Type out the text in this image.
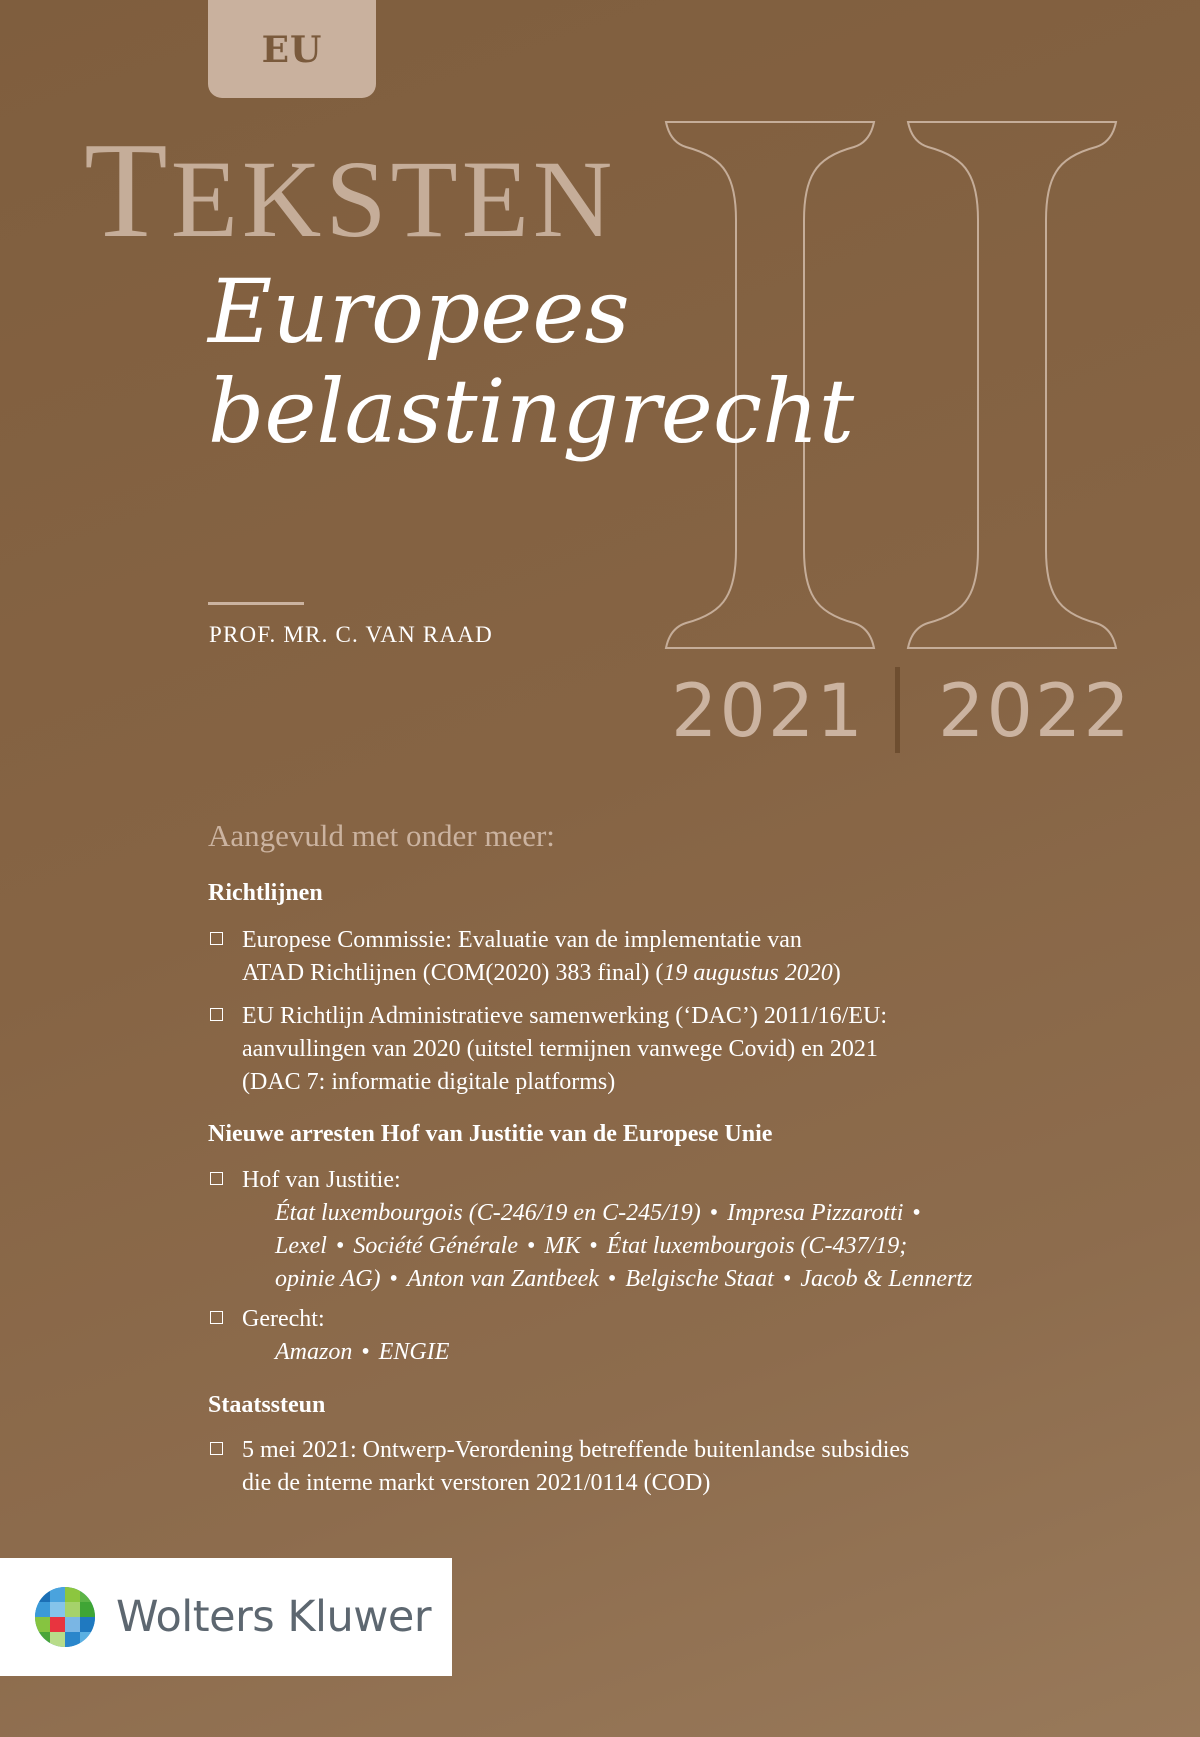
EU
TEKSTEN
Europees
belastingrecht
PROF. MR. C. VAN RAAD
2021 2022
Aangevuld met onder meer:
Richtlijnen
Europese Commissie: Evaluatie van de implementatie van
ATAD Richtlijnen (COM(2020) 383 final) (19 augustus 2020)
EU Richtlijn Administratieve samenwerking (‘DAC’) 2011/16/EU:
aanvullingen van 2020 (uitstel termijnen vanwege Covid) en 2021
(DAC 7: informatie digitale platforms)
Nieuwe arresten Hof van Justitie van de Europese Unie
Hof van Justitie:
État luxembourgois (C-246/19 en C-245/19) • Impresa Pizzarotti •
Lexel • Société Générale • MK • État luxembourgois (C-437/19;
opinie AG) • Anton van Zantbeek • Belgische Staat • Jacob & Lennertz
Gerecht:
Amazon • ENGIE
Staatssteun
5 mei 2021: Ontwerp-Verordening betreffende buitenlandse subsidies
die de interne markt verstoren 2021/0114 (COD)
Wolters Kluwer
